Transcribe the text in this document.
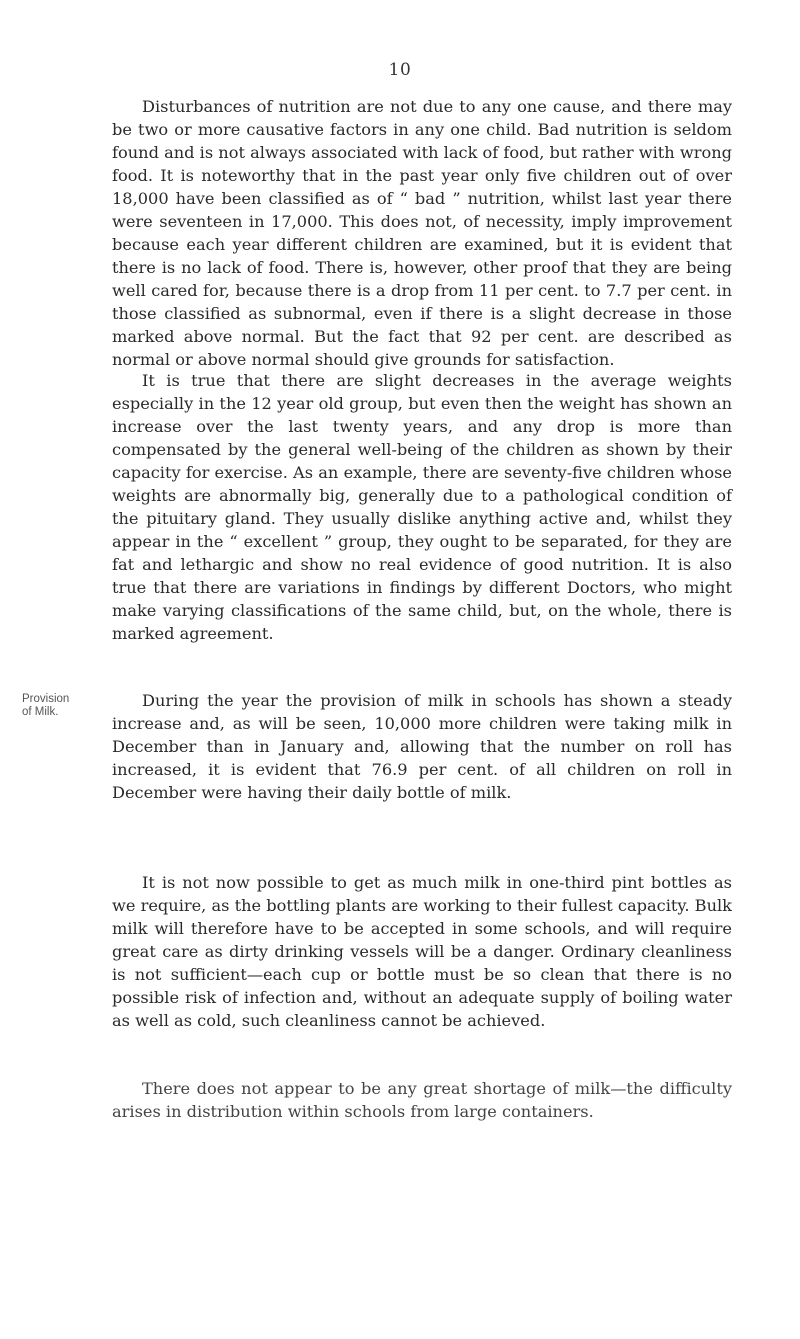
10
Provision of Milk.

Disturbances of nutrition are not due to any one cause, and there may be two or more causative factors in any one child. Bad nutrition is seldom found and is not always associated with lack of food, but rather with wrong food. It is noteworthy that in the past year only five children out of over 18,000 have been classified as of “ bad ” nutrition, whilst last year there were seventeen in 17,000. This does not, of necessity, imply improvement because each year different children are examined, but it is evident that there is no lack of food. There is, however, other proof that they are being well cared for, because there is a drop from 11 per cent. to 7.7 per cent. in those classified as subnormal, even if there is a slight decrease in those marked above normal. But the fact that 92 per cent. are described as normal or above normal should give grounds for satisfaction.

It is true that there are slight decreases in the average weights especially in the 12 year old group, but even then the weight has shown an increase over the last twenty years, and any drop is more than compensated by the general well-being of the children as shown by their capacity for exercise. As an example, there are seventy-five children whose weights are abnormally big, generally due to a pathological condition of the pituitary gland. They usually dislike anything active and, whilst they appear in the “ excellent ” group, they ought to be separated, for they are fat and lethargic and show no real evidence of good nutrition. It is also true that there are variations in findings by different Doctors, who might make varying classifications of the same child, but, on the whole, there is marked agreement.

During the year the provision of milk in schools has shown a steady increase and, as will be seen, 10,000 more children were taking milk in December than in January and, allowing that the number on roll has increased, it is evident that 76.9 per cent. of all children on roll in December were having their daily bottle of milk.

It is not now possible to get as much milk in one-third pint bottles as we require, as the bottling plants are working to their fullest capacity. Bulk milk will therefore have to be accepted in some schools, and will require great care as dirty drinking vessels will be a danger. Ordinary cleanliness is not sufficient—each cup or bottle must be so clean that there is no possible risk of infection and, without an adequate supply of boiling water as well as cold, such cleanliness cannot be achieved.

There does not appear to be any great shortage of milk—the difficulty arises in distribution within schools from large containers.
